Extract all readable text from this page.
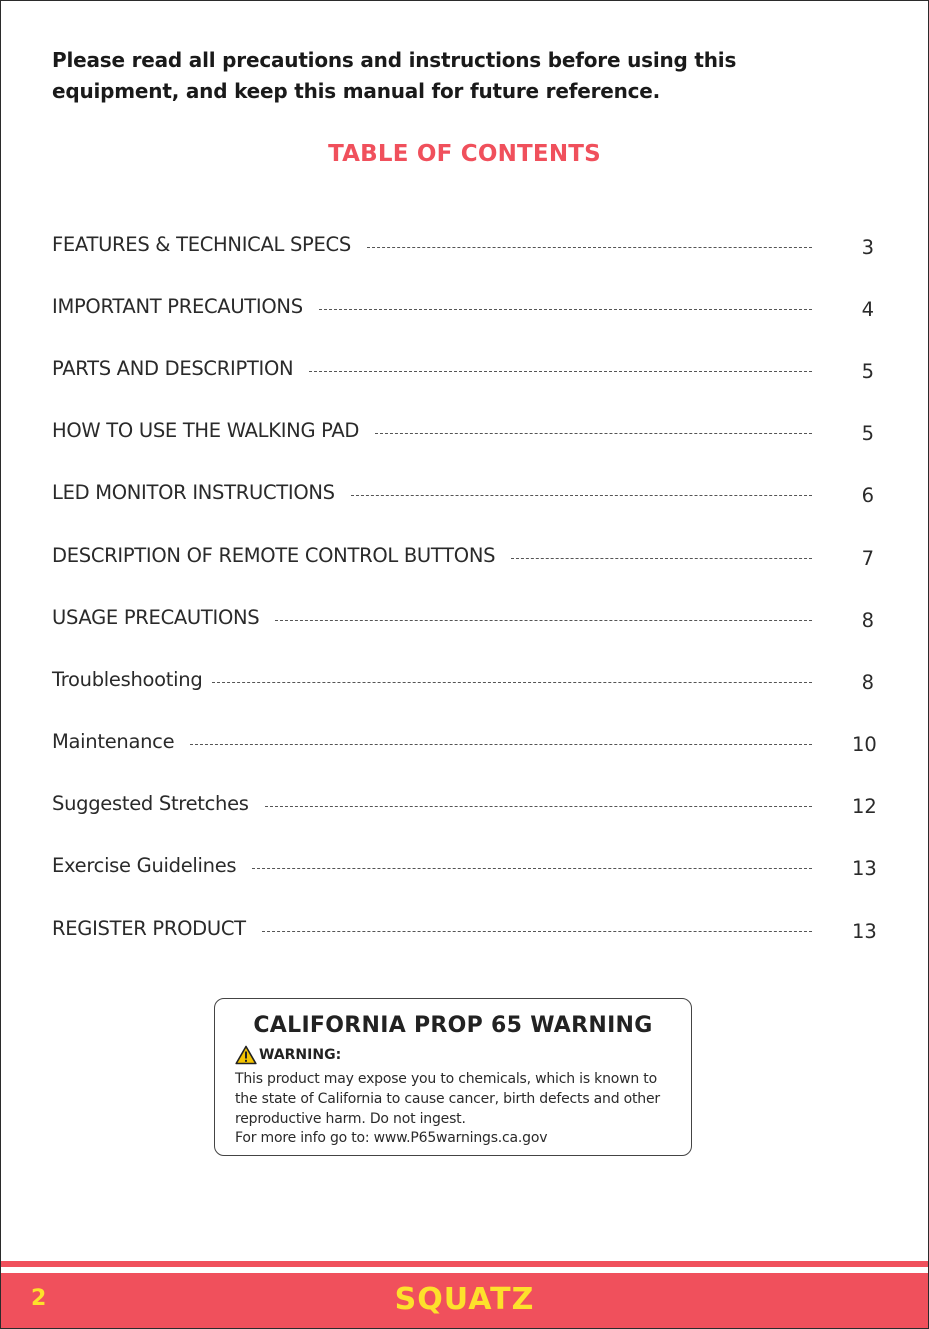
Please read all precautions and instructions before using this equipment, and keep this manual for future reference.
TABLE OF CONTENTS
FEATURES & TECHNICAL SPECS	3
IMPORTANT PRECAUTIONS	4
PARTS AND DESCRIPTION	5
HOW TO USE THE WALKING PAD	5
LED MONITOR INSTRUCTIONS	6
DESCRIPTION OF REMOTE CONTROL BUTTONS	7
USAGE PRECAUTIONS	8
Troubleshooting	8
Maintenance	10
Suggested Stretches	12
Exercise Guidelines	13
REGISTER PRODUCT	13
CALIFORNIA PROP 65 WARNING
WARNING:
This product may expose you to chemicals, which is known to the state of California to cause cancer, birth defects and other reproductive harm. Do not ingest.
For more info go to: www.P65warnings.ca.gov
2	SQUATZ
